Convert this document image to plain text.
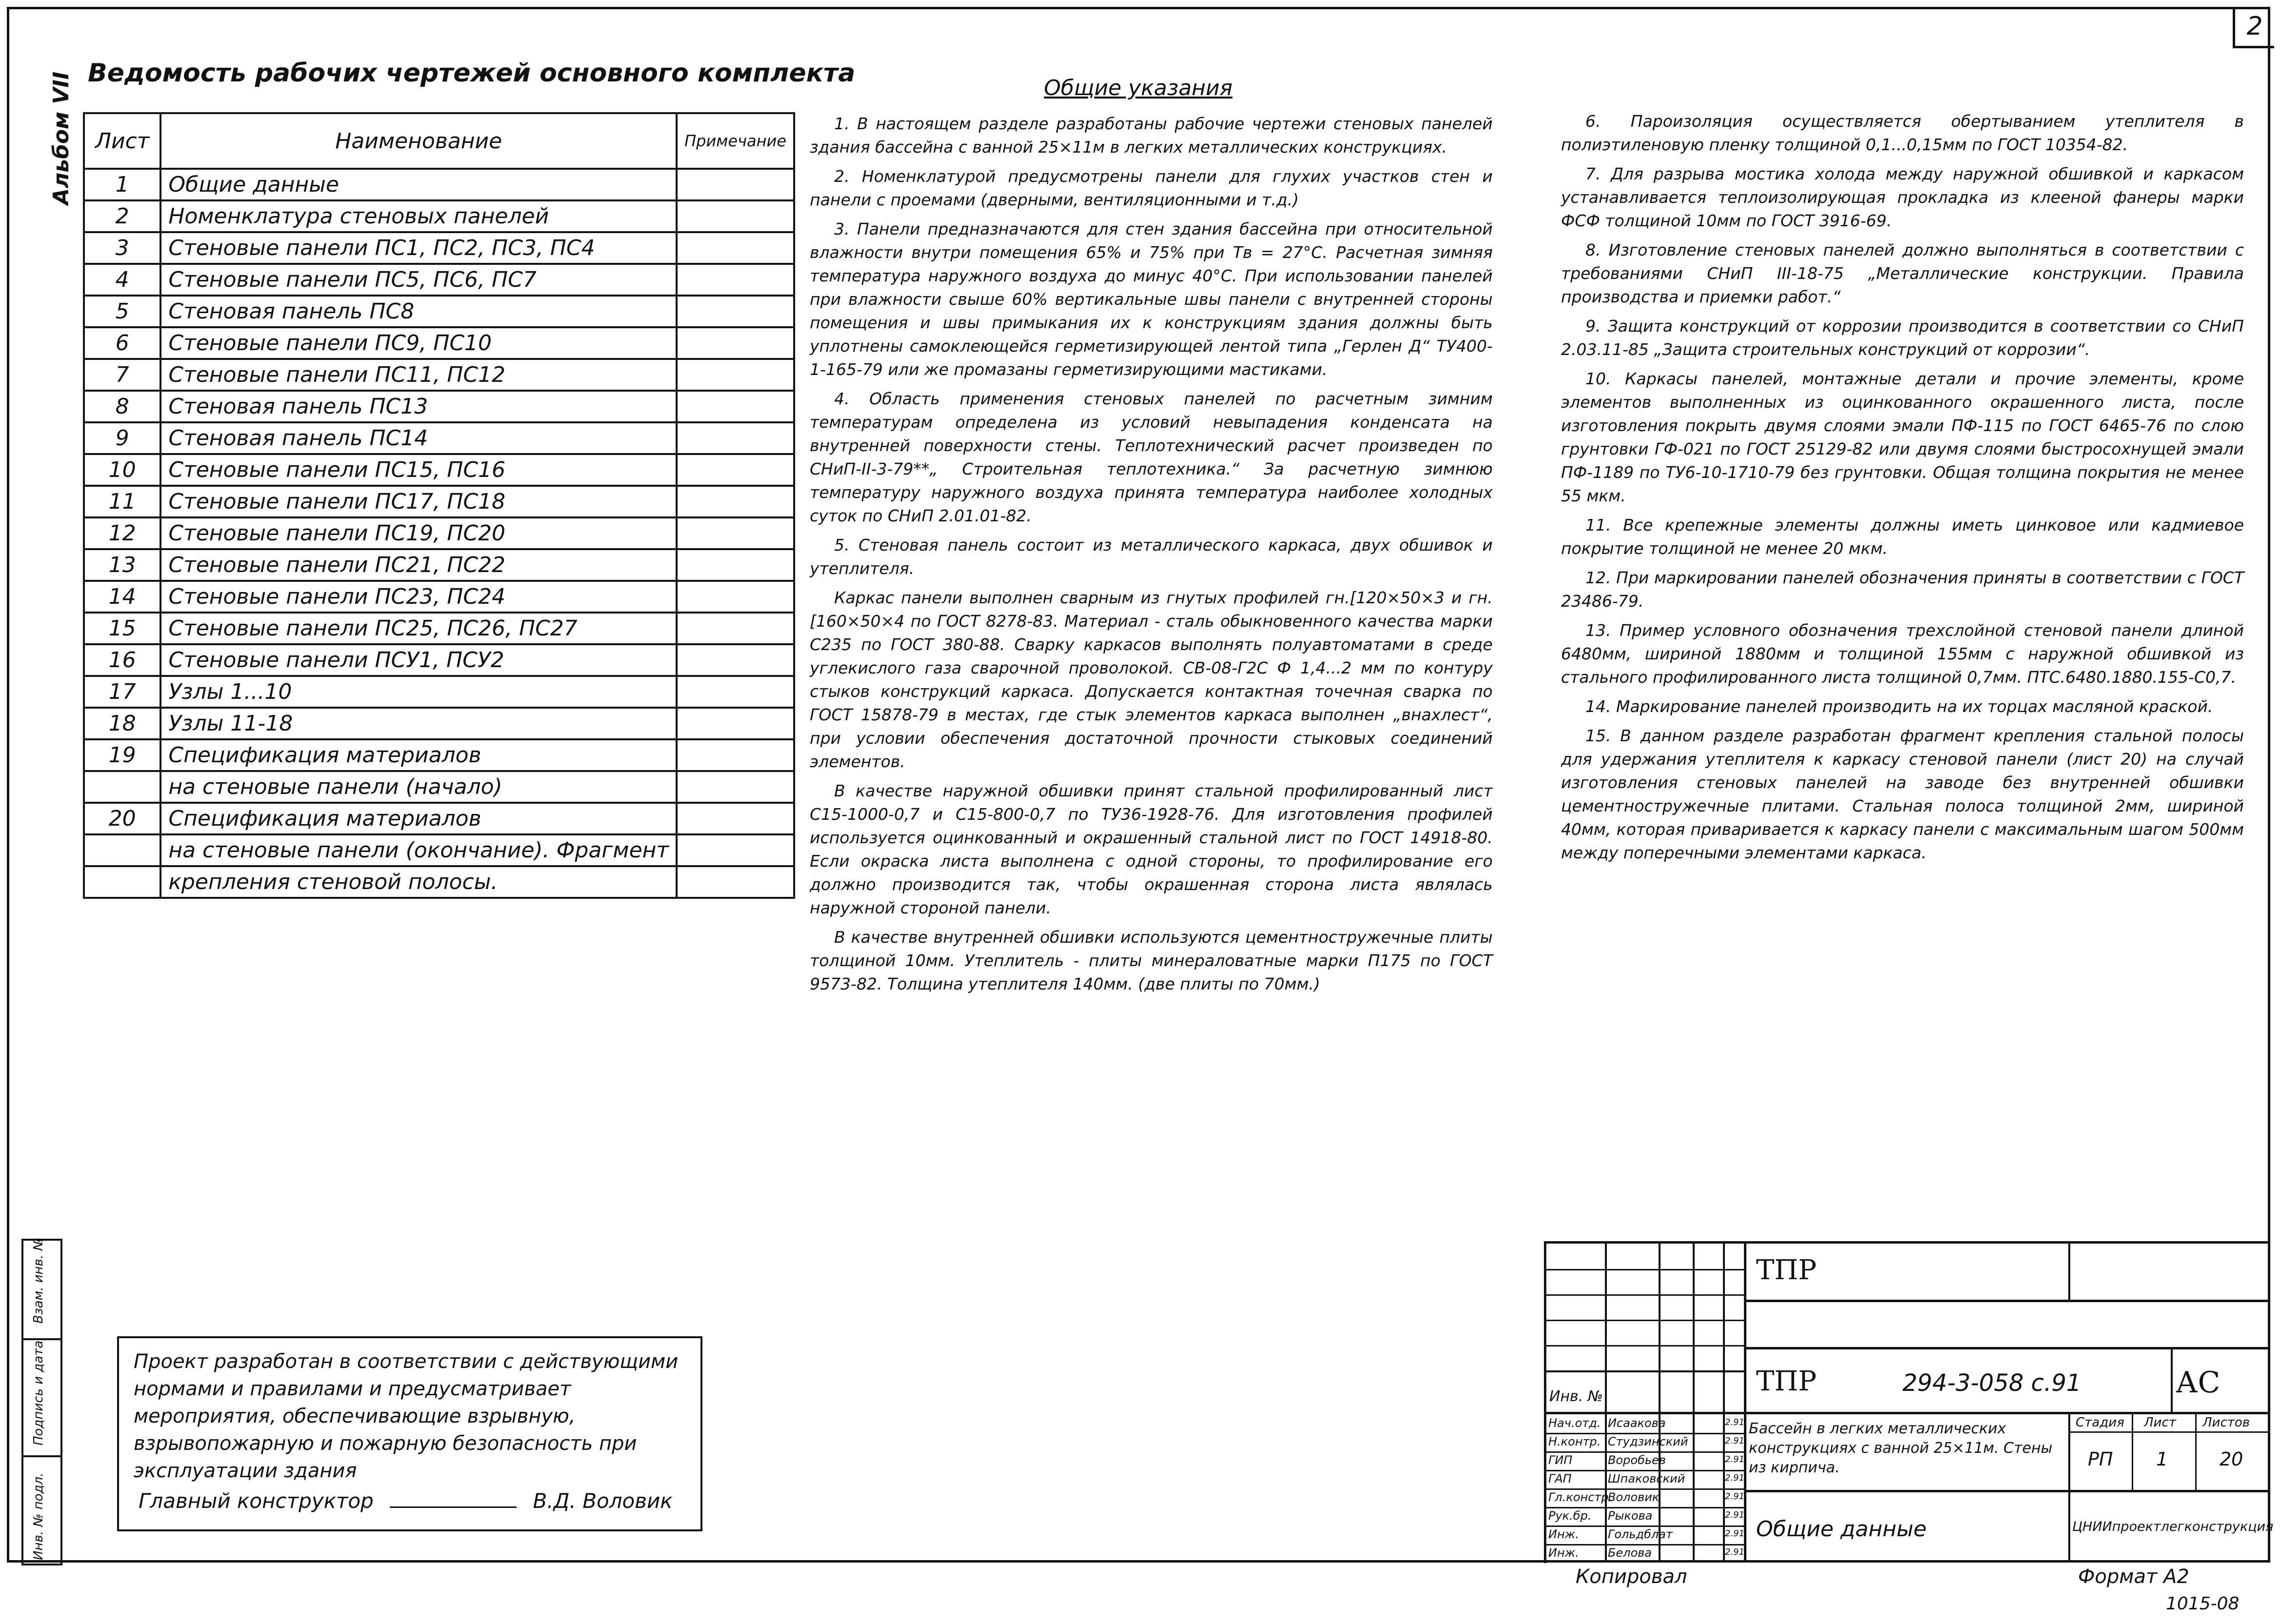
2
Альбом VII
Инв. № подл.
Подпись и дата
Взам. инв. №
Ведомость рабочих чертежей основного комплекта
Лист	Наименование	Примечание
1	Общие данные	
2	Номенклатура стеновых панелей	
3	Стеновые панели ПС1, ПС2, ПС3, ПС4	
4	Стеновые панели ПС5, ПС6, ПС7	
5	Стеновая панель ПС8	
6	Стеновые панели ПС9, ПС10	
7	Стеновые панели ПС11, ПС12	
8	Стеновая панель ПС13	
9	Стеновая панель ПС14	
10	Стеновые панели ПС15, ПС16	
11	Стеновые панели ПС17, ПС18	
12	Стеновые панели ПС19, ПС20	
13	Стеновые панели ПС21, ПС22	
14	Стеновые панели ПС23, ПС24	
15	Стеновые панели ПС25, ПС26, ПС27	
16	Стеновые панели ПСУ1, ПСУ2	
17	Узлы 1...10	
18	Узлы 11-18	
19	Спецификация материалов	
	на стеновые панели (начало)	
20	Спецификация материалов	
	на стеновые панели (окончание). Фрагмент	
	крепления стеновой полосы.	
Общие указания

1. В настоящем разделе разработаны рабочие чертежи стеновых панелей здания бассейна с ванной 25×11м в легких металлических конструкциях.

2. Номенклатурой предусмотрены панели для глухих участков стен и панели с проемами (дверными, вентиляционными и т.д.)

3. Панели предназначаются для стен здания бассейна при относительной влажности внутри помещения 65% и 75% при Тв = 27°С. Расчетная зимняя температура наружного воздуха до минус 40°С. При использовании панелей при влажности свыше 60% вертикальные швы панели с внутренней стороны помещения и швы примыкания их к конструкциям здания должны быть уплотнены самоклеющейся герметизирующей лентой типа „Герлен Д“ ТУ400-1-165-79 или же промазаны герметизирующими мастиками.

4. Область применения стеновых панелей по расчетным зимним температурам определена из условий невыпадения конденсата на внутренней поверхности стены. Теплотехнический расчет произведен по СНиП-II-3-79**„ Строительная теплотехника.“ За расчетную зимнюю температуру наружного воздуха принята температура наиболее холодных суток по СНиП 2.01.01-82.

5. Стеновая панель состоит из металлического каркаса, двух обшивок и утеплителя.

Каркас панели выполнен сварным из гнутых профилей гн.[120×50×3 и гн.[160×50×4 по ГОСТ 8278-83. Материал - сталь обыкновенного качества марки С235 по ГОСТ 380-88. Сварку каркасов выполнять полуавтоматами в среде углекислого газа сварочной проволокой. СВ-08-Г2С Ф 1,4...2 мм по контуру стыков конструкций каркаса. Допускается контактная точечная сварка по ГОСТ 15878-79 в местах, где стык элементов каркаса выполнен „внахлест“, при условии обеспечения достаточной прочности стыковых соединений элементов.

В качестве наружной обшивки принят стальной профилированный лист С15-1000-0,7 и С15-800-0,7 по ТУ36-1928-76. Для изготовления профилей используется оцинкованный и окрашенный стальной лист по ГОСТ 14918-80. Если окраска листа выполнена с одной стороны, то профилирование его должно производится так, чтобы окрашенная сторона листа являлась наружной стороной панели.

В качестве внутренней обшивки используются цементностружечные плиты толщиной 10мм. Утеплитель - плиты минераловатные марки П175 по ГОСТ 9573-82. Толщина утеплителя 140мм. (две плиты по 70мм.)

6. Пароизоляция осуществляется обертыванием утеплителя в полиэтиленовую пленку толщиной 0,1...0,15мм по ГОСТ 10354-82.

7. Для разрыва мостика холода между наружной обшивкой и каркасом устанавливается теплоизолирующая прокладка из клееной фанеры марки ФСФ толщиной 10мм по ГОСТ 3916-69.

8. Изготовление стеновых панелей должно выполняться в соответствии с требованиями СНиП III-18-75 „Металлические конструкции. Правила производства и приемки работ.“

9. Защита конструкций от коррозии производится в соответствии со СНиП 2.03.11-85 „Защита строительных конструкций от коррозии“.

10. Каркасы панелей, монтажные детали и прочие элементы, кроме элементов выполненных из оцинкованного окрашенного листа, после изготовления покрыть двумя слоями эмали ПФ-115 по ГОСТ 6465-76 по слою грунтовки ГФ-021 по ГОСТ 25129-82 или двумя слоями быстросохнущей эмали ПФ-1189 по ТУ6-10-1710-79 без грунтовки. Общая толщина покрытия не менее 55 мкм.

11. Все крепежные элементы должны иметь цинковое или кадмиевое покрытие толщиной не менее 20 мкм.

12. При маркировании панелей обозначения приняты в соответствии с ГОСТ 23486-79.

13. Пример условного обозначения трехслойной стеновой панели длиной 6480мм, шириной 1880мм и толщиной 155мм с наружной обшивкой из стального профилированного листа толщиной 0,7мм. ПТС.6480.1880.155-С0,7.

14. Маркирование панелей производить на их торцах масляной краской.

15. В данном разделе разработан фрагмент крепления стальной полосы для удержания утеплителя к каркасу стеновой панели (лист 20) на случай изготовления стеновых панелей на заводе без внутренней обшивки цементностружечные плитами. Стальная полоса толщиной 2мм, шириной 40мм, которая приваривается к каркасу панели с максимальным шагом 500мм между поперечными элементами каркаса.

Проект разработан в соответствии с действующими нормами и правилами и предусматривает мероприятия, обеспечивающие взрывную, взрывопожарную и пожарную безопасность при эксплуатации здания
Главный конструктор	В.Д. Воловик
ТПР
Инв. №	ТПР	294-3-058 с.91	АС
Нач.отд. Исаакова	2.91
Н.контр. Студзинский	2.91
ГИП	Воробьев	2.91
ГАП	Шпаковский	2.91
Гл.констр.
Воловик	2.91
Рук.бр. Рыкова	2.91
Инж. Гольдблат	2.91
Инж. Белова	2.91
Бассейн в легких металлических конструкциях с ванной 25×11м. Стены из кирпича.
Стадия Лист Листов
РП 1	20
Общие данные	ЦНИИпроектлегконструкция
Копировал	Формат А2
1015-08
